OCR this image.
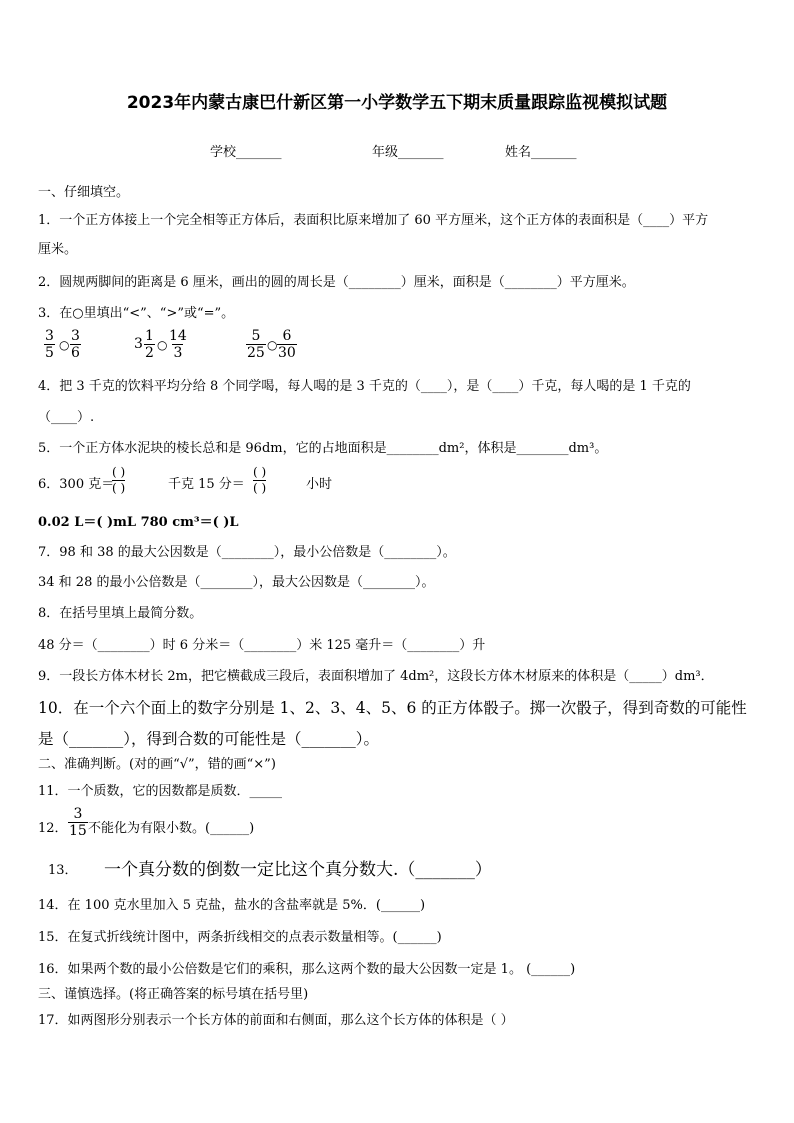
2023年内蒙古康巴什新区第一小学数学五下期末质量跟踪监视模拟试题
学校_______	年级_______	姓名_______
一、仔细填空。
1．一个正方体接上一个完全相等正方体后，表面积比原来增加了 60 平方厘米，这个正方体的表面积是（____）平方
厘米。
2．圆规两脚间的距离是 6 厘米，画出的圆的周长是（________）厘米，面积是（________）平方厘米。
3．在○里填出“<”、“>”或“=”。
$\frac{3}{5}$ ○ $\frac{3}{6}$	$3 \frac{1}{2}$ ○ $\frac{14}{3}$	$\frac{5}{25}$ ○ $\frac{6}{30}$
4．把 3 千克的饮料平均分给 8 个同学喝，每人喝的是 3 千克的（____），是（____）千克，每人喝的是 1 千克的
（____）.
5．一个正方体水泥块的棱长总和是 96dm，它的占地面积是________dm²，体积是________dm³。
6．300 克＝
( )
( )	千克 15 分＝
( )
( )	小时
0.02 L＝( )mL 780 cm³＝( )L
7．98 和 38 的最大公因数是（________），最小公倍数是（________）。
34 和 28 的最小公倍数是（________），最大公因数是（________）。
8．在括号里填上最简分数。
48 分＝（________）时 6 分米＝（________）米 125 毫升＝（________）升
9．一段长方体木材长 2m，把它横截成三段后，表面积增加了 4dm²，这段长方体木材原来的体积是（_____）dm³．
10．在一个六个面上的数字分别是 1、2、3、4、5、6 的正方体骰子。掷一次骰子，得到奇数的可能性
是（_______），得到合数的可能性是（_______）。
二、准确判断。(对的画“√”，错的画“×”)
11．一个质数，它的因数都是质数．_____
12． $\frac{3}{15}$ 不能化为有限小数。(______)
13． 一个真分数的倒数一定比这个真分数大.（_______）
14．在 100 克水里加入 5 克盐，盐水的含盐率就是 5%．(______)
15．在复式折线统计图中，两条折线相交的点表示数量相等。(______)
16．如果两个数的最小公倍数是它们的乘积，那么这两个数的最大公因数一定是 1。 (______)
三、谨慎选择。(将正确答案的标号填在括号里)
17．如两图形分别表示一个长方体的前面和右侧面，那么这个长方体的体积是（ ）
